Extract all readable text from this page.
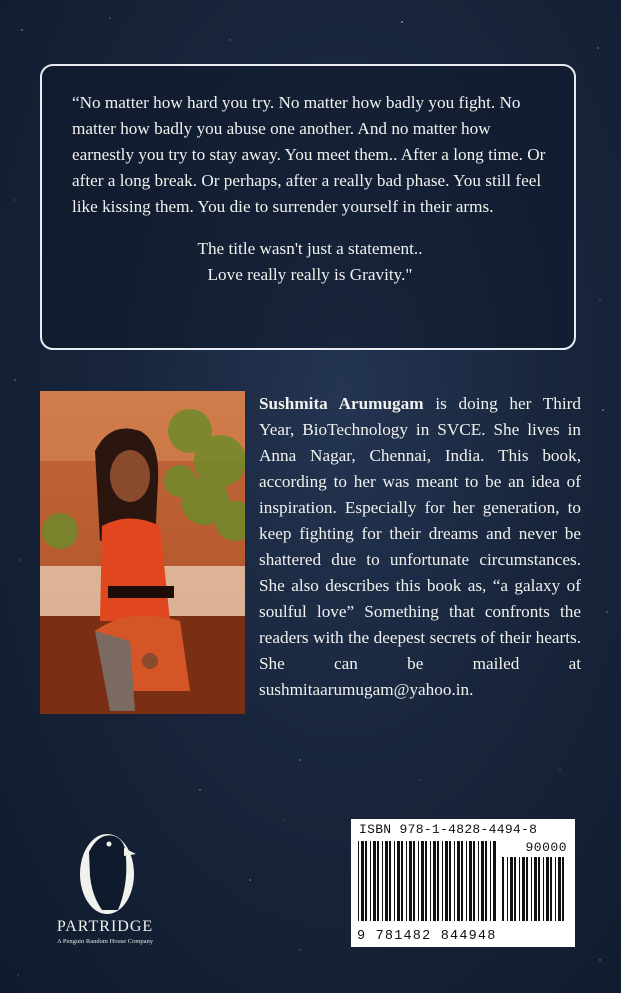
“No matter how hard you try. No matter how badly you fight. No matter how badly you abuse one another. And no matter how earnestly you try to stay away. You meet them.. After a long time. Or after a long break. Or perhaps, after a really bad phase. You still feel like kissing them. You die to surrender yourself in their arms.

The title wasn't just a statement..
Love really really is Gravity."

Sushmita Arumugam is doing her Third Year, BioTechnology in SVCE. She lives in Anna Nagar, Chennai, India. This book, according to her was meant to be an idea of inspiration. Especially for her generation, to keep fighting for their dreams and never be shattered due to unfortunate circumstances. She also describes this book as, “a galaxy of soulful love” Something that confronts the readers with the deepest secrets of their hearts. She can be mailed at sushmitaarumugam@yahoo.in.

PARTRIDGE
A Penguin Random House Company
ISBN 978-1-4828-4494-8
90000
9 781482 844948
